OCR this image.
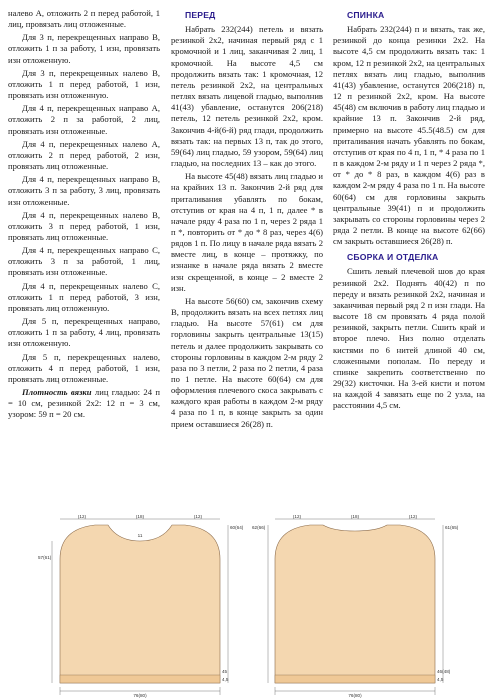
налево А, отложить 2 п перед работой, 1 лиц, провязать лиц отложенные.

Для 3 п, перекрещенных направо В, отложить 1 п за работу, 1 изн, провязать изн отложенную.

Для 3 п, перекрещенных налево В, отложить 1 п перед работой, 1 изн, провязать изн отложенную.

Для 4 п, перекрещенных направо А, отложить 2 п за работой, 2 лиц, провязать изн отложенные.

Для 4 п, перекрещенных налево А, отложить 2 п перед работой, 2 изн, провязать лиц отложенные.

Для 4 п, перекрещенных направо В, отложить 3 п за работу, 3 лиц, провязать изн отложенные.

Для 4 п, перекрещенных налево В, отложить 3 п перед работой, 1 изн, провязать лиц отложенные.

Для 4 п, перекрещенных направо С, отложить 3 п за работой, 1 лиц, провязать изн отложенные.

Для 4 п, перекрещенных налево С, отложить 1 п перед работой, 3 изн, провязать лиц отложенную.

Для 5 п, перекрещенных направо, отложить 1 п за работу, 4 лиц, провязать изн отложенную.

Для 5 п, перекрещенных налево, отложить 4 п перед работой, 1 изн, провязать лиц отложенные.

Плотность вязки лиц гладью: 24 п = 10 см, резинкой 2х2: 12 п = 3 см, узором: 59 п = 20 см.

ПЕРЕД

Набрать 232(244) петель и вязать резинкой 2х2, начиная первый ряд с 1 кромочной и 1 лиц, заканчивая 2 лиц, 1 кромочной. На высоте 4,5 см продолжить вязать так: 1 кромочная, 12 петель резинкой 2х2, на центральных петлях вязать лицевой гладью, выполнив 41(43) убавление, останутся 206(218) петель, 12 петель резинкой 2х2, кром. Закончив 4-й(6-й) ряд глади, продолжить вязать так: на первых 13 п, так до этого, 59(64) лиц гладью, 59 узором, 59(64) лиц гладью, на последних 13 – как до этого.

На высоте 45(48) вязать лиц гладью и на крайних 13 п. Закончив 2-й ряд для приталивания убавлять по бокам, отступив от края на 4 п, 1 п, далее * в начале ряду 4 раза по 1 п, через 2 ряда 1 п *, повторить от * до * 8 раз, через 4(6) рядов 1 п. По лицу в начале ряда вязать 2 вместе лиц, в конце – протяжку, по изнанке в начале ряда вязать 2 вместе изн скрещенной, в конце – 2 вместе 2 изн.

На высоте 56(60) см, закончив схему В, продолжить вязать на всех петлях лиц гладью. На высоте 57(61) см для горловины закрыть центральные 13(15) петель и далее продолжить закрывать со стороны горловины в каждом 2-м ряду 2 раза по 3 петли, 2 раза по 2 петли, 4 раза по 1 петле. На высоте 60(64) см для оформления плечевого скоса закрывать с каждого края работы в каждом 2-м ряду 4 раза по 1 п, в конце закрыть за один прием оставшиеся 26(28) п.

СПИНКА

Набрать 232(244) п и вязать, так же, резинкой до конца резинки 2х2. На высоте 4,5 см продолжить вязать так: 1 кром, 12 п резинкой 2х2, на центральных петлях вязать лиц гладью, выполнив 41(43) убавление, останутся 206(218) п, 12 п резинкой 2х2, кром. На высоте 45(48) см включив в работу лиц гладью и крайние 13 п. Закончив 2-й ряд, примерно на высоте 45.5(48.5) см для приталивания начать убавлять по бокам, отступив от края по 4 п, 1 п, * 4 раза по 1 п в каждом 2-м ряду и 1 п через 2 ряда *, от * до * 8 раз, в каждом 4(6) раз в каждом 2-м ряду 4 раза по 1 п. На высоте 60(64) см для горловины закрыть центральные 39(41) п и продолжить закрывать со стороны горловины через 2 ряда 2 петли. В конце на высоте 62(66) см закрыть оставшиеся 26(28) п.

СБОРКА И ОТДЕЛКА

Сшить левый плечевой шов до края резинкой 2х2. Поднять 40(42) п по переду и вязать резинкой 2х2, начиная и заканчивая первый ряд 2 п изн глади. На высоте 18 см провязать 4 ряда полой резинкой, закрыть петли. Сшить край и второе плечо. Низ полно отделать кистями по 6 нитей длиной 40 см, сложенными пополам. По переду и спинке закрепить соответственно по 29(32) кисточки. На 3-ей кисти и потом на каждой 4 завязать еще по 2 узла, на расстоянии 4,5 см.

76(80)
(12)	(18)	(12)
11
57(61)
60(64)
4,5
45
76(80)
(12)	(18)	(12)
62(66)	61(65)
4,5
46(48)
